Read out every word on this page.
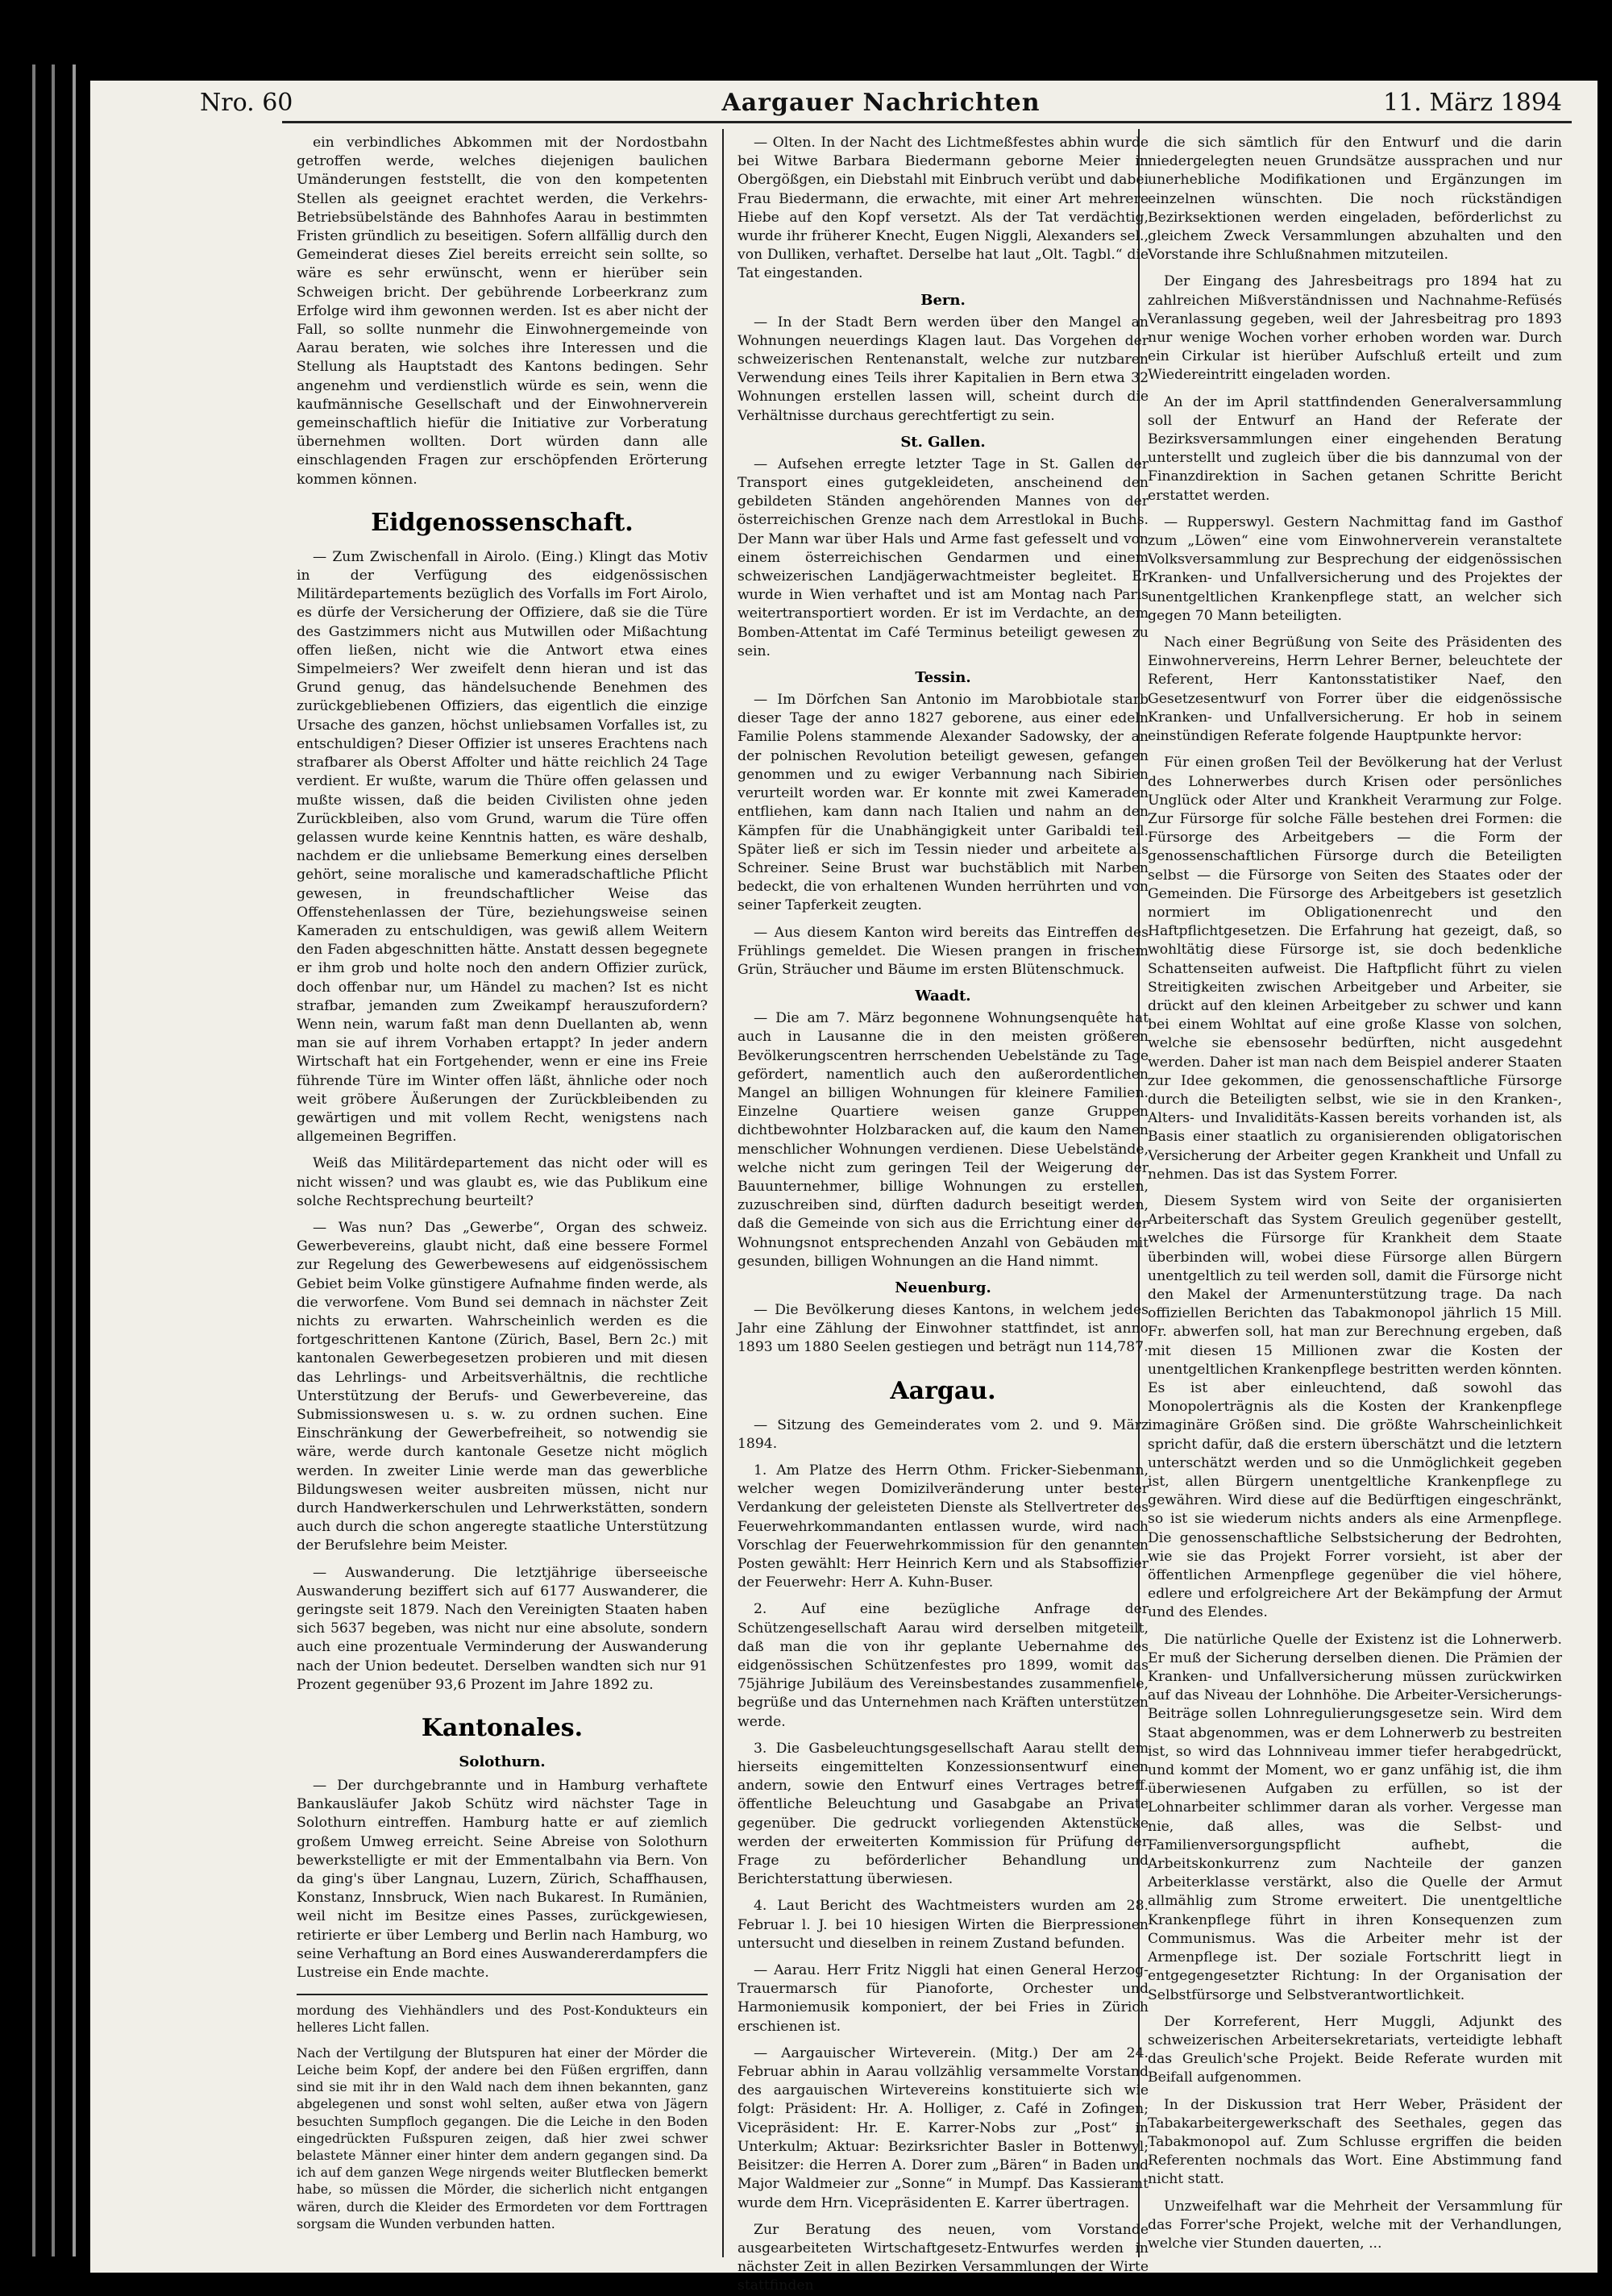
Nro. 60	Aargauer Nachrichten	11. März 1894

ein verbindliches Abkommen mit der Nordostbahn getroffen werde, welches diejenigen baulichen Umänderungen feststellt, die von den kompetenten Stellen als geeignet erachtet werden, die Verkehrs-Betriebsübelstände des Bahnhofes Aarau in bestimmten Fristen gründlich zu beseitigen. Sofern allfällig durch den Gemeinderat dieses Ziel bereits erreicht sein sollte, so wäre es sehr erwünscht, wenn er hierüber sein Schweigen bricht. Der gebührende Lorbeerkranz zum Erfolge wird ihm gewonnen werden. Ist es aber nicht der Fall, so sollte nunmehr die Einwohnergemeinde von Aarau beraten, wie solches ihre Interessen und die Stellung als Hauptstadt des Kantons bedingen. Sehr angenehm und verdienstlich würde es sein, wenn die kaufmännische Gesellschaft und der Einwohnerverein gemeinschaftlich hiefür die Initiative zur Vorberatung übernehmen wollten. Dort würden dann alle einschlagenden Fragen zur erschöpfenden Erörterung kommen können.

Eidgenossenschaft.

— Zum Zwischenfall in Airolo. (Eing.) Klingt das Motiv in der Verfügung des eidgenössischen Militärdepartements bezüglich des Vorfalls im Fort Airolo, es dürfe der Versicherung der Offiziere, daß sie die Türe des Gastzimmers nicht aus Mutwillen oder Mißachtung offen ließen, nicht wie die Antwort etwa eines Simpelmeiers? Wer zweifelt denn hieran und ist das Grund genug, das händelsuchende Benehmen des zurückgebliebenen Offiziers, das eigentlich die einzige Ursache des ganzen, höchst unliebsamen Vorfalles ist, zu entschuldigen? Dieser Offizier ist unseres Erachtens nach strafbarer als Oberst Affolter und hätte reichlich 24 Tage verdient. Er wußte, warum die Thüre offen gelassen und mußte wissen, daß die beiden Civilisten ohne jeden Zurückbleiben, also vom Grund, warum die Türe offen gelassen wurde keine Kenntnis hatten, es wäre deshalb, nachdem er die unliebsame Bemerkung eines derselben gehört, seine moralische und kameradschaftliche Pflicht gewesen, in freundschaftlicher Weise das Offenstehenlassen der Türe, beziehungsweise seinen Kameraden zu entschuldigen, was gewiß allem Weitern den Faden abgeschnitten hätte. Anstatt dessen begegnete er ihm grob und holte noch den andern Offizier zurück, doch offenbar nur, um Händel zu machen? Ist es nicht strafbar, jemanden zum Zweikampf herauszufordern? Wenn nein, warum faßt man denn Duellanten ab, wenn man sie auf ihrem Vorhaben ertappt? In jeder andern Wirtschaft hat ein Fortgehender, wenn er eine ins Freie führende Türe im Winter offen läßt, ähnliche oder noch weit gröbere Äußerungen der Zurückbleibenden zu gewärtigen und mit vollem Recht, wenigstens nach allgemeinen Begriffen.

Weiß das Militärdepartement das nicht oder will es nicht wissen? und was glaubt es, wie das Publikum eine solche Rechtsprechung beurteilt?

— Was nun? Das „Gewerbe“, Organ des schweiz. Gewerbevereins, glaubt nicht, daß eine bessere Formel zur Regelung des Gewerbewesens auf eidgenössischem Gebiet beim Volke günstigere Aufnahme finden werde, als die verworfene. Vom Bund sei demnach in nächster Zeit nichts zu erwarten. Wahrscheinlich werden es die fortgeschrittenen Kantone (Zürich, Basel, Bern 2c.) mit kantonalen Gewerbegesetzen probieren und mit diesen das Lehrlings- und Arbeitsverhältnis, die rechtliche Unterstützung der Berufs- und Gewerbevereine, das Submissionswesen u. s. w. zu ordnen suchen. Eine Einschränkung der Gewerbefreiheit, so notwendig sie wäre, werde durch kantonale Gesetze nicht möglich werden. In zweiter Linie werde man das gewerbliche Bildungswesen weiter ausbreiten müssen, nicht nur durch Handwerkerschulen und Lehrwerkstätten, sondern auch durch die schon angeregte staatliche Unterstützung der Berufslehre beim Meister.

— Auswanderung. Die letztjährige überseeische Auswanderung beziffert sich auf 6177 Auswanderer, die geringste seit 1879. Nach den Vereinigten Staaten haben sich 5637 begeben, was nicht nur eine absolute, sondern auch eine prozentuale Verminderung der Auswanderung nach der Union bedeutet. Derselben wandten sich nur 91 Prozent gegenüber 93,6 Prozent im Jahre 1892 zu.

Kantonales.
Solothurn.

— Der durchgebrannte und in Hamburg verhaftete Bankausläufer Jakob Schütz wird nächster Tage in Solothurn eintreffen. Hamburg hatte er auf ziemlich großem Umweg erreicht. Seine Abreise von Solothurn bewerkstelligte er mit der Emmentalbahn via Bern. Von da ging's über Langnau, Luzern, Zürich, Schaffhausen, Konstanz, Innsbruck, Wien nach Bukarest. In Rumänien, weil nicht im Besitze eines Passes, zurückgewiesen, retirierte er über Lemberg und Berlin nach Hamburg, wo seine Verhaftung an Bord eines Auswandererdampfers die Lustreise ein Ende machte.

mordung des Viehhändlers und des Post-Kondukteurs ein helleres Licht fallen.

Nach der Vertilgung der Blutspuren hat einer der Mörder die Leiche beim Kopf, der andere bei den Füßen ergriffen, dann sind sie mit ihr in den Wald nach dem ihnen bekannten, ganz abgelegenen und sonst wohl selten, außer etwa von Jägern besuchten Sumpfloch gegangen. Die die Leiche in den Boden eingedrückten Fußspuren zeigen, daß hier zwei schwer belastete Männer einer hinter dem andern gegangen sind. Da ich auf dem ganzen Wege nirgends weiter Blutflecken bemerkt habe, so müssen die Mörder, die sicherlich nicht entgangen wären, durch die Kleider des Ermordeten vor dem Forttragen sorgsam die Wunden verbunden hatten.

— Olten. In der Nacht des Lichtmeßfestes abhin wurde bei Witwe Barbara Biedermann geborne Meier in Obergößgen, ein Diebstahl mit Einbruch verübt und dabei Frau Biedermann, die erwachte, mit einer Art mehrere Hiebe auf den Kopf versetzt. Als der Tat verdächtig, wurde ihr früherer Knecht, Eugen Niggli, Alexanders sel., von Dulliken, verhaftet. Derselbe hat laut „Olt. Tagbl.“ die Tat eingestanden.

Bern.

— In der Stadt Bern werden über den Mangel an Wohnungen neuerdings Klagen laut. Das Vorgehen der schweizerischen Rentenanstalt, welche zur nutzbaren Verwendung eines Teils ihrer Kapitalien in Bern etwa 32 Wohnungen erstellen lassen will, scheint durch die Verhältnisse durchaus gerechtfertigt zu sein.

St. Gallen.

— Aufsehen erregte letzter Tage in St. Gallen der Transport eines gutgekleideten, anscheinend den gebildeten Ständen angehörenden Mannes von der österreichischen Grenze nach dem Arrestlokal in Buchs. Der Mann war über Hals und Arme fast gefesselt und von einem österreichischen Gendarmen und einem schweizerischen Landjägerwachtmeister begleitet. Er wurde in Wien verhaftet und ist am Montag nach Paris weitertransportiert worden. Er ist im Verdachte, an dem Bomben-Attentat im Café Terminus beteiligt gewesen zu sein.

Tessin.

— Im Dörfchen San Antonio im Marobbiotale starb dieser Tage der anno 1827 geborene, aus einer edeln Familie Polens stammende Alexander Sadowsky, der an der polnischen Revolution beteiligt gewesen, gefangen genommen und zu ewiger Verbannung nach Sibirien verurteilt worden war. Er konnte mit zwei Kameraden entfliehen, kam dann nach Italien und nahm an den Kämpfen für die Unabhängigkeit unter Garibaldi teil. Später ließ er sich im Tessin nieder und arbeitete als Schreiner. Seine Brust war buchstäblich mit Narben bedeckt, die von erhaltenen Wunden herrührten und von seiner Tapferkeit zeugten.

— Aus diesem Kanton wird bereits das Eintreffen des Frühlings gemeldet. Die Wiesen prangen in frischem Grün, Sträucher und Bäume im ersten Blütenschmuck.

Waadt.

— Die am 7. März begonnene Wohnungsenquête hat auch in Lausanne die in den meisten größeren Bevölkerungscentren herrschenden Uebelstände zu Tage gefördert, namentlich auch den außerordentlichen Mangel an billigen Wohnungen für kleinere Familien. Einzelne Quartiere weisen ganze Gruppen dichtbewohnter Holzbaracken auf, die kaum den Namen menschlicher Wohnungen verdienen. Diese Uebelstände, welche nicht zum geringen Teil der Weigerung der Bauunternehmer, billige Wohnungen zu erstellen, zuzuschreiben sind, dürften dadurch beseitigt werden, daß die Gemeinde von sich aus die Errichtung einer der Wohnungsnot entsprechenden Anzahl von Gebäuden mit gesunden, billigen Wohnungen an die Hand nimmt.

Neuenburg.

— Die Bevölkerung dieses Kantons, in welchem jedes Jahr eine Zählung der Einwohner stattfindet, ist anno 1893 um 1880 Seelen gestiegen und beträgt nun 114,787.

Aargau.

— Sitzung des Gemeinderates vom 2. und 9. März 1894.

1. Am Platze des Herrn Othm. Fricker-Siebenmann, welcher wegen Domizilveränderung unter bester Verdankung der geleisteten Dienste als Stellvertreter des Feuerwehrkommandanten entlassen wurde, wird nach Vorschlag der Feuerwehrkommission für den genannten Posten gewählt: Herr Heinrich Kern und als Stabsoffizier der Feuerwehr: Herr A. Kuhn-Buser.

2. Auf eine bezügliche Anfrage der Schützengesellschaft Aarau wird derselben mitgeteilt, daß man die von ihr geplante Uebernahme des eidgenössischen Schützenfestes pro 1899, womit das 75jährige Jubiläum des Vereinsbestandes zusammenfiele, begrüße und das Unternehmen nach Kräften unterstützen werde.

3. Die Gasbeleuchtungsgesellschaft Aarau stellt dem hierseits eingemittelten Konzessionsentwurf einen andern, sowie den Entwurf eines Vertrages betreff. öffentliche Beleuchtung und Gasabgabe an Private gegenüber. Die gedruckt vorliegenden Aktenstücke werden der erweiterten Kommission für Prüfung der Frage zu beförderlicher Behandlung und Berichterstattung überwiesen.

4. Laut Bericht des Wachtmeisters wurden am 28. Februar l. J. bei 10 hiesigen Wirten die Bierpressionen untersucht und dieselben in reinem Zustand befunden.

— Aarau. Herr Fritz Niggli hat einen General Herzog-Trauermarsch für Pianoforte, Orchester und Harmoniemusik komponiert, der bei Fries in Zürich erschienen ist.

— Aargauischer Wirteverein. (Mitg.) Der am 24. Februar abhin in Aarau vollzählig versammelte Vorstand des aargauischen Wirtevereins konstituierte sich wie folgt: Präsident: Hr. A. Holliger, z. Café in Zofingen; Vicepräsident: Hr. E. Karrer-Nobs zur „Post“ in Unterkulm; Aktuar: Bezirksrichter Basler in Bottenwyl; Beisitzer: die Herren A. Dorer zum „Bären“ in Baden und Major Waldmeier zur „Sonne“ in Mumpf. Das Kassieramt wurde dem Hrn. Vicepräsidenten E. Karrer übertragen.

Zur Beratung des neuen, vom Vorstande ausgearbeiteten Wirtschaftgesetz-Entwurfes werden in nächster Zeit in allen Bezirken Versammlungen der Wirte stattfinden

die sich sämtlich für den Entwurf und die darin niedergelegten neuen Grundsätze aussprachen und nur unerhebliche Modifikationen und Ergänzungen im einzelnen wünschten. Die noch rückständigen Bezirksektionen werden eingeladen, beförderlichst zu gleichem Zweck Versammlungen abzuhalten und den Vorstande ihre Schlußnahmen mitzuteilen.

Der Eingang des Jahresbeitrags pro 1894 hat zu zahlreichen Mißverständnissen und Nachnahme-Refüsés Veranlassung gegeben, weil der Jahresbeitrag pro 1893 nur wenige Wochen vorher erhoben worden war. Durch ein Cirkular ist hierüber Aufschluß erteilt und zum Wiedereintritt eingeladen worden.

An der im April stattfindenden Generalversammlung soll der Entwurf an Hand der Referate der Bezirksversammlungen einer eingehenden Beratung unterstellt und zugleich über die bis dannzumal von der Finanzdirektion in Sachen getanen Schritte Bericht erstattet werden.

— Rupperswyl. Gestern Nachmittag fand im Gasthof zum „Löwen“ eine vom Einwohnerverein veranstaltete Volksversammlung zur Besprechung der eidgenössischen Kranken- und Unfallversicherung und des Projektes der unentgeltlichen Krankenpflege statt, an welcher sich gegen 70 Mann beteiligten.

Nach einer Begrüßung von Seite des Präsidenten des Einwohnervereins, Herrn Lehrer Berner, beleuchtete der Referent, Herr Kantonsstatistiker Naef, den Gesetzesentwurf von Forrer über die eidgenössische Kranken- und Unfallversicherung. Er hob in seinem einstündigen Referate folgende Hauptpunkte hervor:

Für einen großen Teil der Bevölkerung hat der Verlust des Lohnerwerbes durch Krisen oder persönliches Unglück oder Alter und Krankheit Verarmung zur Folge. Zur Fürsorge für solche Fälle bestehen drei Formen: die Fürsorge des Arbeitgebers — die Form der genossenschaftlichen Fürsorge durch die Beteiligten selbst — die Fürsorge von Seiten des Staates oder der Gemeinden. Die Fürsorge des Arbeitgebers ist gesetzlich normiert im Obligationenrecht und den Haftpflichtgesetzen. Die Erfahrung hat gezeigt, daß, so wohltätig diese Fürsorge ist, sie doch bedenkliche Schattenseiten aufweist. Die Haftpflicht führt zu vielen Streitigkeiten zwischen Arbeitgeber und Arbeiter, sie drückt auf den kleinen Arbeitgeber zu schwer und kann bei einem Wohltat auf eine große Klasse von solchen, welche sie ebensosehr bedürften, nicht ausgedehnt werden. Daher ist man nach dem Beispiel anderer Staaten zur Idee gekommen, die genossenschaftliche Fürsorge durch die Beteiligten selbst, wie sie in den Kranken-, Alters- und Invaliditäts-Kassen bereits vorhanden ist, als Basis einer staatlich zu organisierenden obligatorischen Versicherung der Arbeiter gegen Krankheit und Unfall zu nehmen. Das ist das System Forrer.

Diesem System wird von Seite der organisierten Arbeiterschaft das System Greulich gegenüber gestellt, welches die Fürsorge für Krankheit dem Staate überbinden will, wobei diese Fürsorge allen Bürgern unentgeltlich zu teil werden soll, damit die Fürsorge nicht den Makel der Armenunterstützung trage. Da nach offiziellen Berichten das Tabakmonopol jährlich 15 Mill. Fr. abwerfen soll, hat man zur Berechnung ergeben, daß mit diesen 15 Millionen zwar die Kosten der unentgeltlichen Krankenpflege bestritten werden könnten. Es ist aber einleuchtend, daß sowohl das Monopolerträgnis als die Kosten der Krankenpflege imaginäre Größen sind. Die größte Wahrscheinlichkeit spricht dafür, daß die erstern überschätzt und die letztern unterschätzt werden und so die Unmöglichkeit gegeben ist, allen Bürgern unentgeltliche Krankenpflege zu gewähren. Wird diese auf die Bedürftigen eingeschränkt, so ist sie wiederum nichts anders als eine Armenpflege. Die genossenschaftliche Selbstsicherung der Bedrohten, wie sie das Projekt Forrer vorsieht, ist aber der öffentlichen Armenpflege gegenüber die viel höhere, edlere und erfolgreichere Art der Bekämpfung der Armut und des Elendes.

Die natürliche Quelle der Existenz ist die Lohnerwerb. Er muß der Sicherung derselben dienen. Die Prämien der Kranken- und Unfallversicherung müssen zurückwirken auf das Niveau der Lohnhöhe. Die Arbeiter-Versicherungs-Beiträge sollen Lohnregulierungsgesetze sein. Wird dem Staat abgenommen, was er dem Lohnerwerb zu bestreiten ist, so wird das Lohnniveau immer tiefer herabgedrückt, und kommt der Moment, wo er ganz unfähig ist, die ihm überwiesenen Aufgaben zu erfüllen, so ist der Lohnarbeiter schlimmer daran als vorher. Vergesse man nie, daß alles, was die Selbst- und Familienversorgungspflicht aufhebt, die Arbeitskonkurrenz zum Nachteile der ganzen Arbeiterklasse verstärkt, also die Quelle der Armut allmählig zum Strome erweitert. Die unentgeltliche Krankenpflege führt in ihren Konsequenzen zum Communismus. Was die Arbeiter mehr ist der Armenpflege ist. Der soziale Fortschritt liegt in entgegengesetzter Richtung: In der Organisation der Selbstfürsorge und Selbstverantwortlichkeit.

Der Korreferent, Herr Muggli, Adjunkt des schweizerischen Arbeitersekretariats, verteidigte lebhaft das Greulich'sche Projekt. Beide Referate wurden mit Beifall aufgenommen.

In der Diskussion trat Herr Weber, Präsident der Tabakarbeitergewerkschaft des Seethales, gegen das Tabakmonopol auf. Zum Schlusse ergriffen die beiden Referenten nochmals das Wort. Eine Abstimmung fand nicht statt.

Unzweifelhaft war die Mehrheit der Versammlung für das Forrer'sche Projekt, welche mit der Verhandlungen, welche vier Stunden dauerten, ...
